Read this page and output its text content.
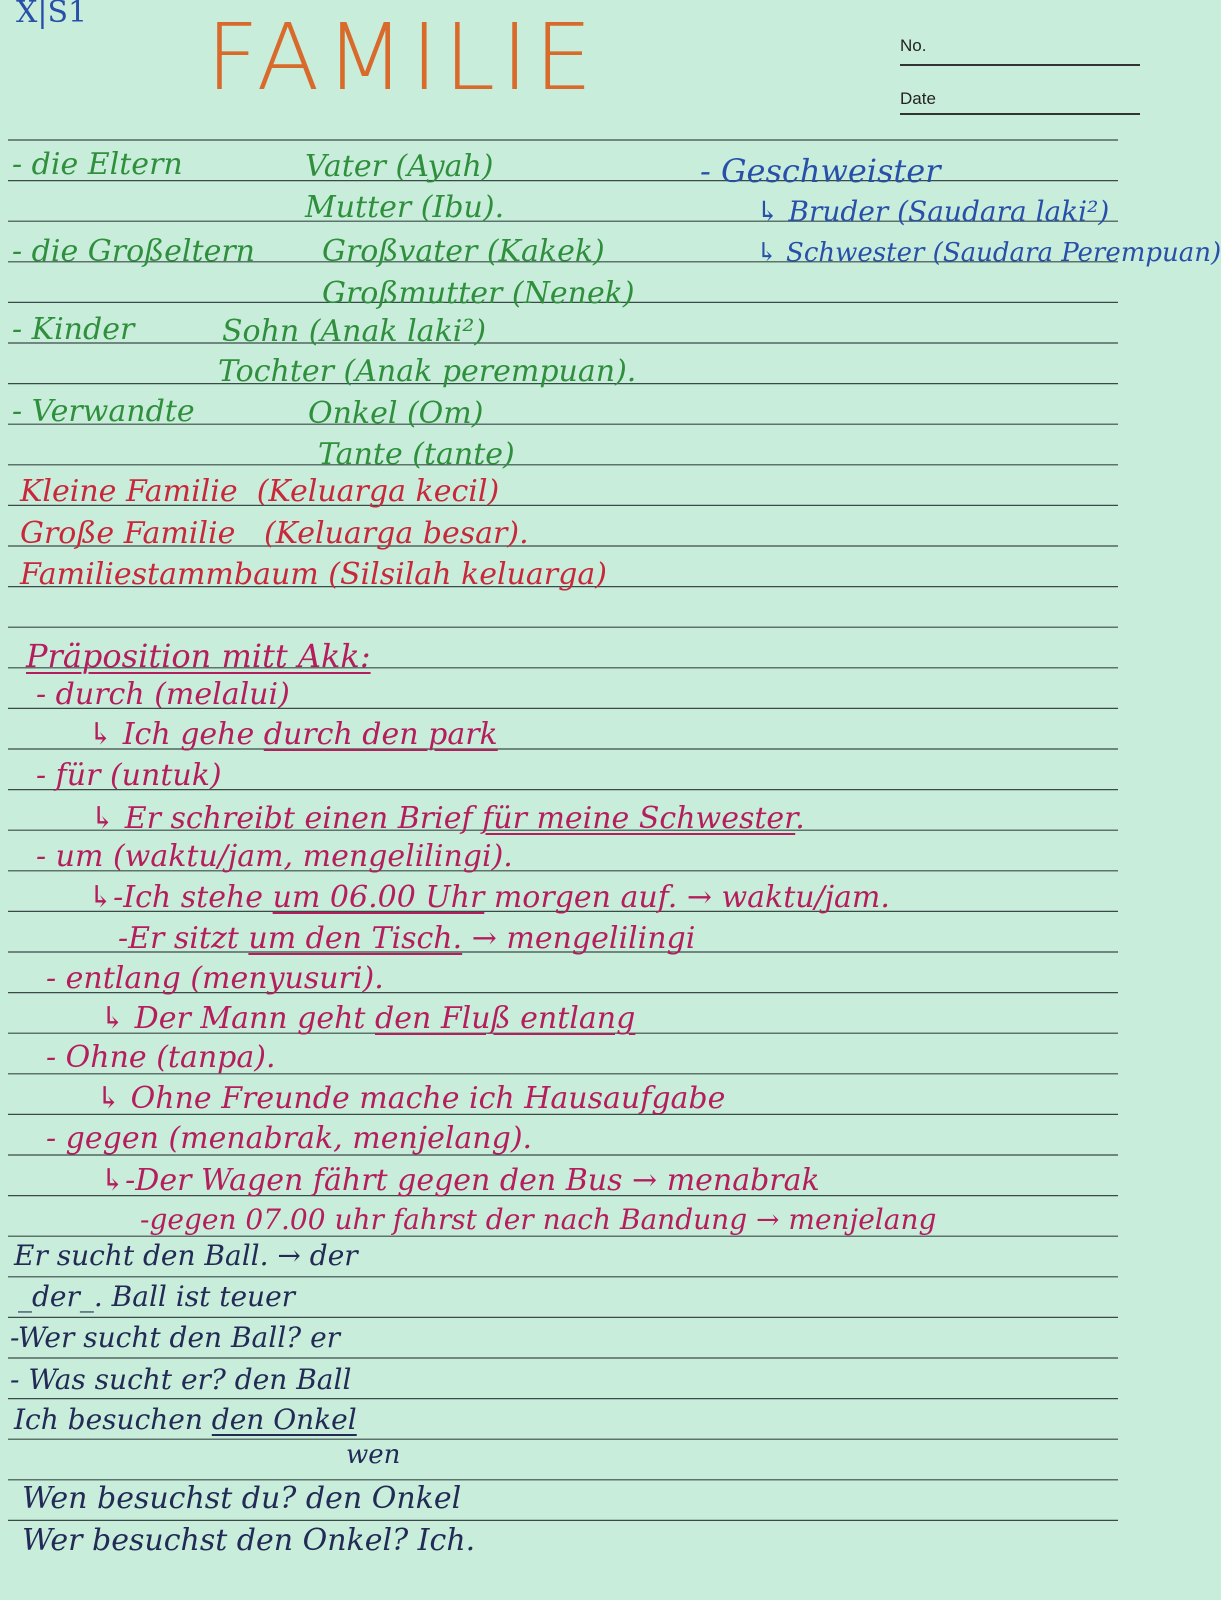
X|S1 FAMILIE	No.
Date
- die Eltern	Vater (Ayah)
Mutter (Ibu).
- die Großeltern Großvater (Kakek)
Großmutter (Nenek)
- Kinder	Sohn (Anak laki²)
Tochter (Anak perempuan).
- Verwandte	Onkel (Om)
Tante (tante)
- Geschweister
↳ Bruder (Saudara laki²)
↳ Schwester (Saudara Perempuan)
Kleine Familie  (Keluarga kecil)
Große Familie   (Keluarga besar).
Familiestammbaum (Silsilah keluarga)
Präposition mitt Akk:
- durch (melalui)
↳ Ich gehe durch den park
- für (untuk)
↳ Er schreibt einen Brief für meine Schwester.
- um (waktu/jam, mengelilingi).
↳-Ich stehe um 06.00 Uhr morgen auf. → waktu/jam.
-Er sitzt um den Tisch. → mengelilingi
- entlang (menyusuri).
↳ Der Mann geht den Fluß entlang
- Ohne (tanpa).
↳ Ohne Freunde mache ich Hausaufgabe
- gegen (menabrak, menjelang).
↳-Der Wagen fährt gegen den Bus → menabrak
-gegen 07.00 uhr fahrst der nach Bandung → menjelang
Er sucht den Ball. → der
_der_. Ball ist teuer
-Wer sucht den Ball? er
- Was sucht er? den Ball
Ich besuchen den Onkel
wen
Wen besuchst du? den Onkel
Wer besuchst den Onkel? Ich.
